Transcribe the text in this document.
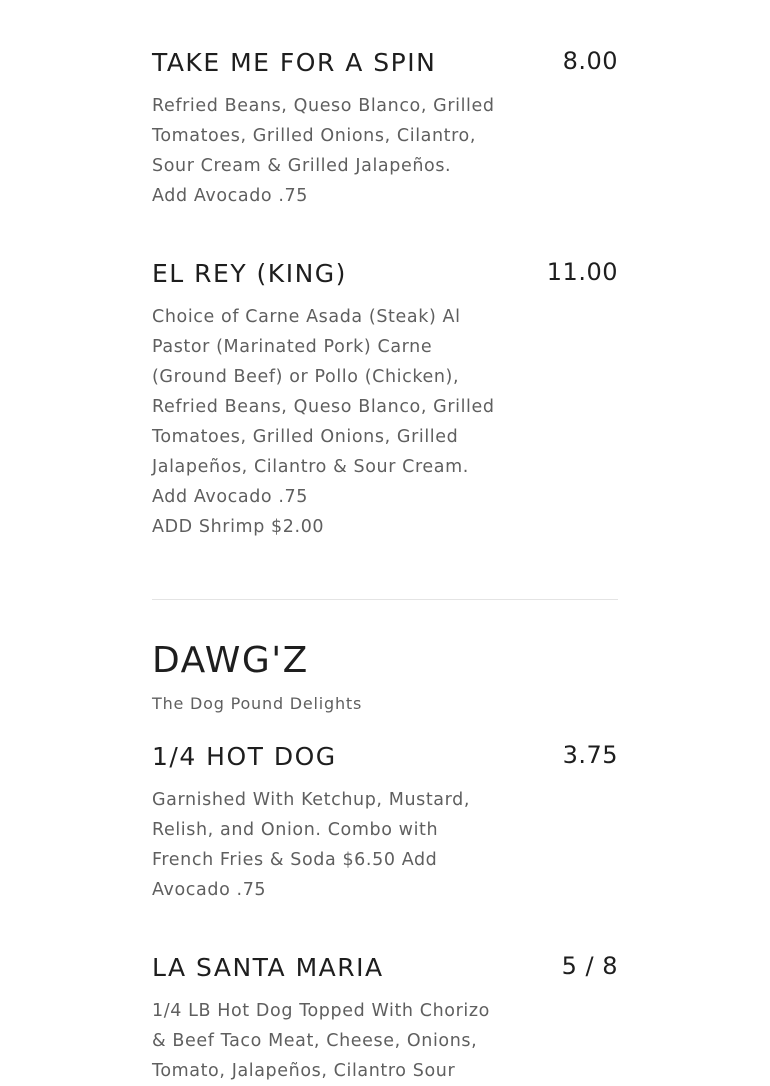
TAKE ME FOR A SPIN	8.00
Refried Beans, Queso Blanco, Grilled
Tomatoes, Grilled Onions, Cilantro,
Sour Cream & Grilled Jalapeños.
Add Avocado .75
EL REY (KING)	11.00
Choice of Carne Asada (Steak) Al
Pastor (Marinated Pork) Carne
(Ground Beef) or Pollo (Chicken),
Refried Beans, Queso Blanco, Grilled
Tomatoes, Grilled Onions, Grilled
Jalapeños, Cilantro & Sour Cream.
Add Avocado .75
ADD Shrimp $2.00
DAWG'Z
The Dog Pound Delights
1/4 HOT DOG	3.75
Garnished With Ketchup, Mustard,
Relish, and Onion. Combo with
French Fries & Soda $6.50 Add
Avocado .75
LA SANTA MARIA	5 / 8
1/4 LB Hot Dog Topped With Chorizo
& Beef Taco Meat, Cheese, Onions,
Tomato, Jalapeños, Cilantro Sour
